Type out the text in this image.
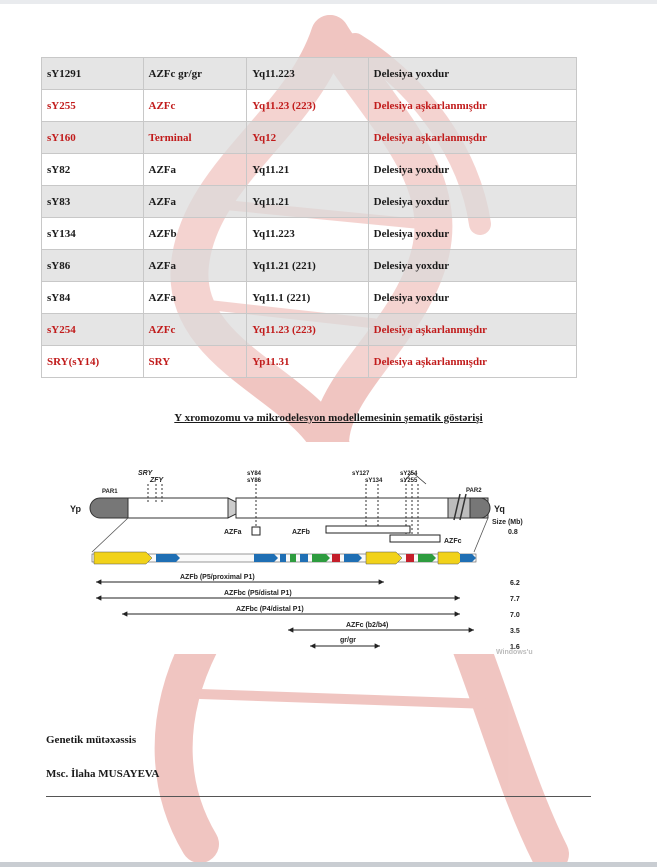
sY1291	AZFc gr/gr	Yq11.223	Delesiya yoxdur
sY255	AZFc	Yq11.23 (223)	Delesiya aşkarlanmışdır
sY160	Terminal	Yq12	Delesiya aşkarlanmışdır
sY82	AZFa	Yq11.21	Delesiya yoxdur
sY83	AZFa	Yq11.21	Delesiya yoxdur
sY134	AZFb	Yq11.223	Delesiya yoxdur
sY86	AZFa	Yq11.21 (221)	Delesiya yoxdur
sY84	AZFa	Yq11.1 (221)	Delesiya yoxdur
sY254	AZFc	Yq11.23 (223)	Delesiya aşkarlanmışdır
SRY(sY14)	SRY	Yp11.31	Delesiya aşkarlanmışdır
Y xromozomu və mikrodelesyon modellemesinin şematik göstərişi
Yp	Yq
PAR1	PAR2
SRY
ZFY
sY84
sY86
sY127
sY134
sY254
sY255
AZFa	AZFb
AZFc
Size (Mb)
0.8
AZFb (P5/proximal P1)
AZFbc (P5/distal P1)
AZFbc (P4/distal P1)
AZFc (b2/b4)
gr/gr
6.2
7.7
7.0
3.5
1.6
Windows'u
Genetik mütəxəssis
Msc. İlaha MUSAYEVA
